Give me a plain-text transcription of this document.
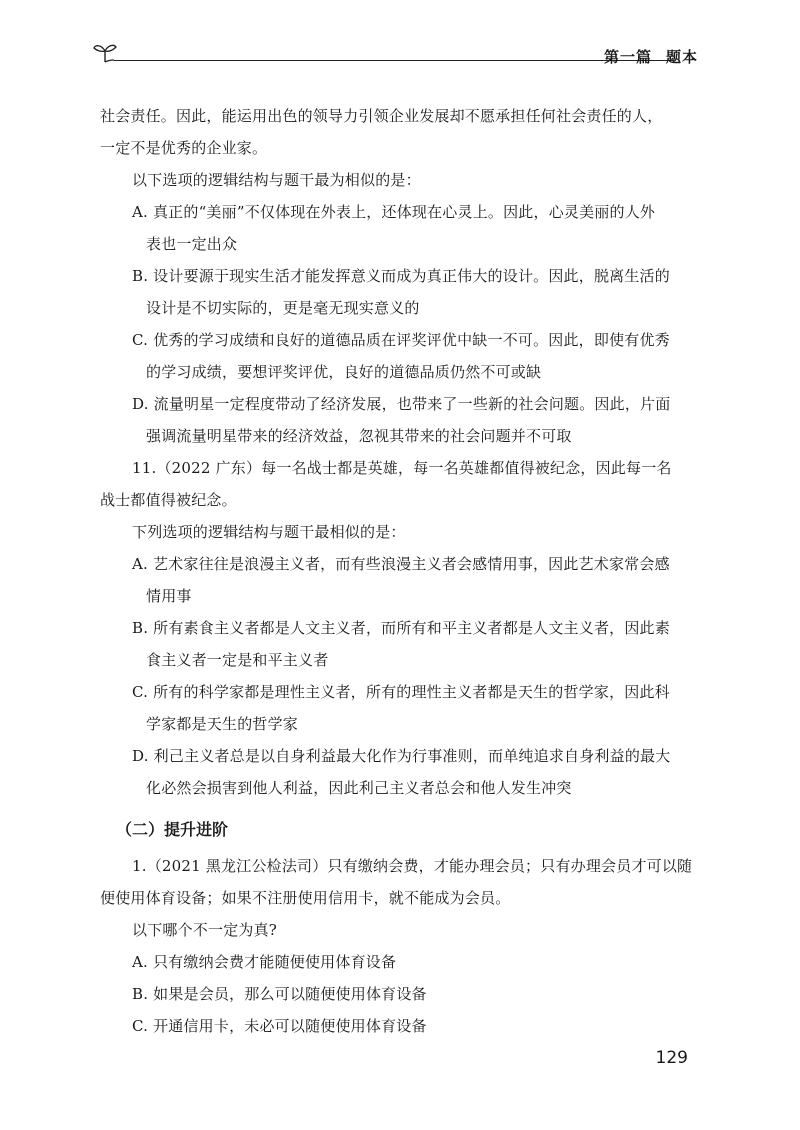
第一篇 题本
社会责任。因此，能运用出色的领导力引领企业发展却不愿承担任何社会责任的人，
一定不是优秀的企业家。
以下选项的逻辑结构与题干最为相似的是：
A. 真正的“美丽”不仅体现在外表上，还体现在心灵上。因此，心灵美丽的人外
表也一定出众
B. 设计要源于现实生活才能发挥意义而成为真正伟大的设计。因此，脱离生活的
设计是不切实际的，更是毫无现实意义的
C. 优秀的学习成绩和良好的道德品质在评奖评优中缺一不可。因此，即使有优秀
的学习成绩，要想评奖评优，良好的道德品质仍然不可或缺
D. 流量明星一定程度带动了经济发展，也带来了一些新的社会问题。因此，片面
强调流量明星带来的经济效益，忽视其带来的社会问题并不可取
11.（2022 广东）每一名战士都是英雄，每一名英雄都值得被纪念，因此每一名
战士都值得被纪念。
下列选项的逻辑结构与题干最相似的是：
A. 艺术家往往是浪漫主义者，而有些浪漫主义者会感情用事，因此艺术家常会感
情用事
B. 所有素食主义者都是人文主义者，而所有和平主义者都是人文主义者，因此素
食主义者一定是和平主义者
C. 所有的科学家都是理性主义者，所有的理性主义者都是天生的哲学家，因此科
学家都是天生的哲学家
D. 利己主义者总是以自身利益最大化作为行事准则，而单纯追求自身利益的最大
化必然会损害到他人利益，因此利己主义者总会和他人发生冲突
（二）提升进阶
1.（2021 黑龙江公检法司）只有缴纳会费，才能办理会员；只有办理会员才可以随
便使用体育设备；如果不注册使用信用卡，就不能成为会员。
以下哪个不一定为真?
A. 只有缴纳会费才能随便使用体育设备
B. 如果是会员，那么可以随便使用体育设备
C. 开通信用卡，未必可以随便使用体育设备
129
